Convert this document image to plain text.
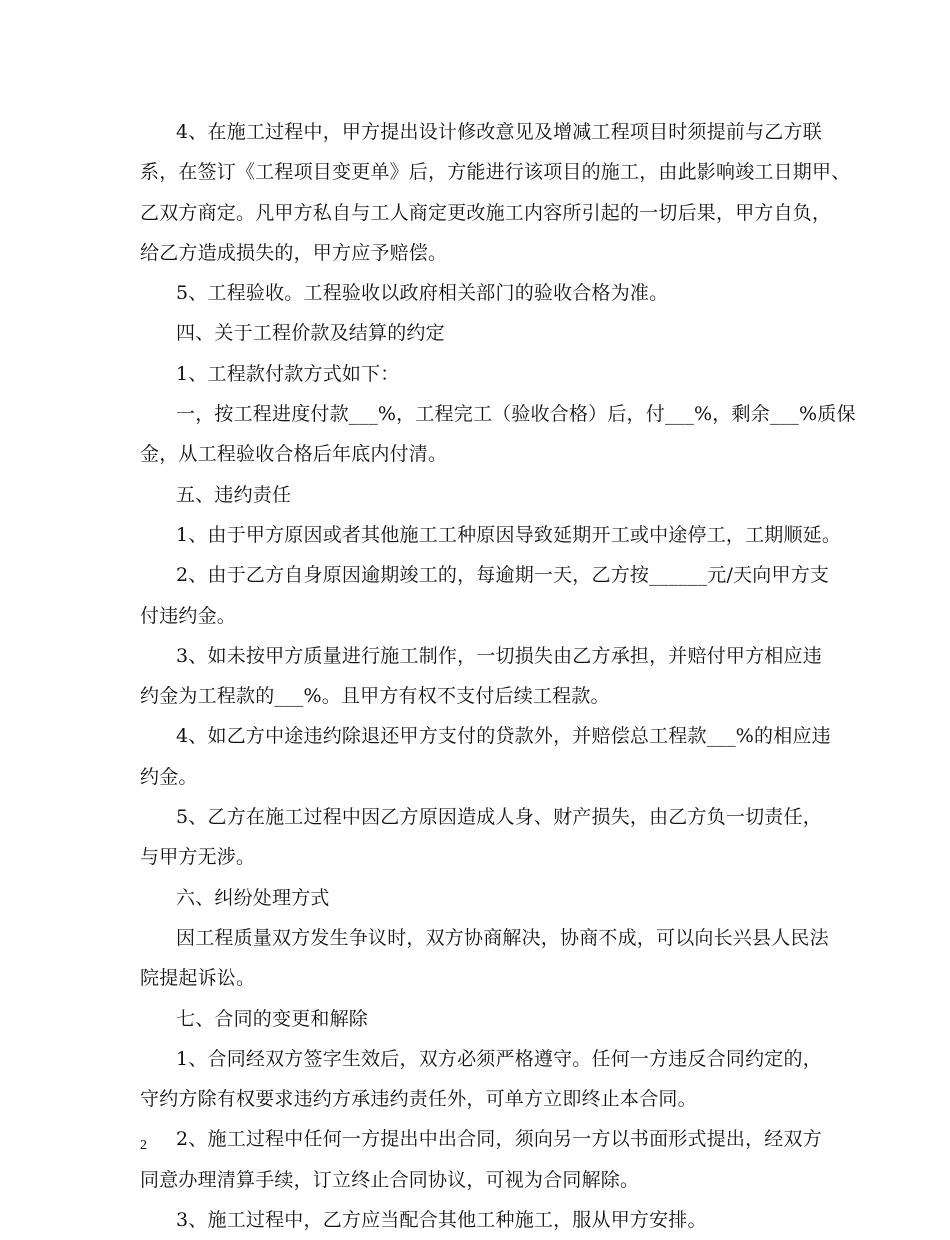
4、在施工过程中，甲方提出设计修改意见及增减工程项目时须提前与乙方联
系，在签订《工程项目变更单》后，方能进行该项目的施工，由此影响竣工日期甲、
乙双方商定。凡甲方私自与工人商定更改施工内容所引起的一切后果，甲方自负，
给乙方造成损失的，甲方应予赔偿。
5、工程验收。工程验收以政府相关部门的验收合格为准。
四、关于工程价款及结算的约定
1、工程款付款方式如下：
一，按工程进度付款___%，工程完工（验收合格）后，付___%，剩余___%质保
金，从工程验收合格后年底内付清。
五、违约责任
1、由于甲方原因或者其他施工工种原因导致延期开工或中途停工，工期顺延。
2、由于乙方自身原因逾期竣工的，每逾期一天，乙方按______元/天向甲方支
付违约金。
3、如未按甲方质量进行施工制作，一切损失由乙方承担，并赔付甲方相应违
约金为工程款的___%。且甲方有权不支付后续工程款。
4、如乙方中途违约除退还甲方支付的贷款外，并赔偿总工程款___%的相应违
约金。
5、乙方在施工过程中因乙方原因造成人身、财产损失，由乙方负一切责任，
与甲方无涉。
六、纠纷处理方式
因工程质量双方发生争议时，双方协商解决，协商不成，可以向长兴县人民法
院提起诉讼。
七、合同的变更和解除
1、合同经双方签字生效后，双方必须严格遵守。任何一方违反合同约定的，
守约方除有权要求违约方承违约责任外，可单方立即终止本合同。
2、施工过程中任何一方提出中出合同，须向另一方以书面形式提出，经双方
同意办理清算手续，订立终止合同协议，可视为合同解除。
3、施工过程中，乙方应当配合其他工种施工，服从甲方安排。
2
